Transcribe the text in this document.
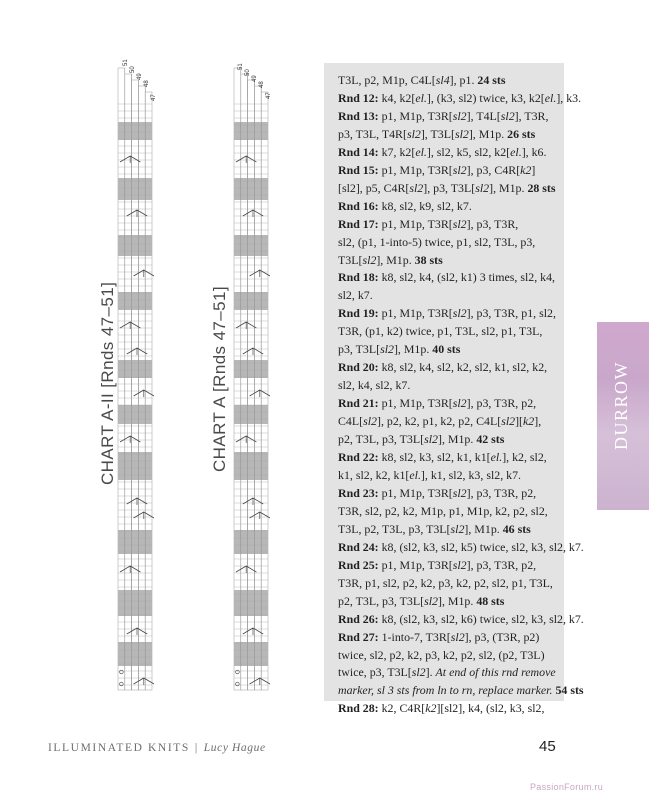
CHART A-II [Rnds 47–51]
51
50
49
48
47
CHART A [Rnds 47–51]
51
50
49
48
47
T3L, p2, M1p, C4L[sl4], p1. 24 sts
Rnd 12: k4, k2[el.], (k3, sl2) twice, k3, k2[el.], k3.
Rnd 13: p1, M1p, T3R[sl2], T4L[sl2], T3R,
p3, T3L, T4R[sl2], T3L[sl2], M1p. 26 sts
Rnd 14: k7, k2[el.], sl2, k5, sl2, k2[el.], k6.
Rnd 15: p1, M1p, T3R[sl2], p3, C4R[k2]
[sl2], p5, C4R[sl2], p3, T3L[sl2], M1p. 28 sts
Rnd 16: k8, sl2, k9, sl2, k7.
Rnd 17: p1, M1p, T3R[sl2], p3, T3R,
sl2, (p1, 1-into-5) twice, p1, sl2, T3L, p3,
T3L[sl2], M1p. 38 sts
Rnd 18: k8, sl2, k4, (sl2, k1) 3 times, sl2, k4,
sl2, k7.
Rnd 19: p1, M1p, T3R[sl2], p3, T3R, p1, sl2,
T3R, (p1, k2) twice, p1, T3L, sl2, p1, T3L,
p3, T3L[sl2], M1p. 40 sts
Rnd 20: k8, sl2, k4, sl2, k2, sl2, k1, sl2, k2,
sl2, k4, sl2, k7.
Rnd 21: p1, M1p, T3R[sl2], p3, T3R, p2,
C4L[sl2], p2, k2, p1, k2, p2, C4L[sl2][k2],
p2, T3L, p3, T3L[sl2], M1p. 42 sts
Rnd 22: k8, sl2, k3, sl2, k1, k1[el.], k2, sl2,
k1, sl2, k2, k1[el.], k1, sl2, k3, sl2, k7.
Rnd 23: p1, M1p, T3R[sl2], p3, T3R, p2,
T3R, sl2, p2, k2, M1p, p1, M1p, k2, p2, sl2,
T3L, p2, T3L, p3, T3L[sl2], M1p. 46 sts
Rnd 24: k8, (sl2, k3, sl2, k5) twice, sl2, k3, sl2, k7.
Rnd 25: p1, M1p, T3R[sl2], p3, T3R, p2,
T3R, p1, sl2, p2, k2, p3, k2, p2, sl2, p1, T3L,
p2, T3L, p3, T3L[sl2], M1p. 48 sts
Rnd 26: k8, (sl2, k3, sl2, k6) twice, sl2, k3, sl2, k7.
Rnd 27: 1-into-7, T3R[sl2], p3, (T3R, p2)
twice, sl2, p2, k2, p3, k2, p2, sl2, (p2, T3L)
twice, p3, T3L[sl2]. At end of this rnd remove
marker, sl 3 sts from ln to rn, replace marker. 54 sts
Rnd 28: k2, C4R[k2][sl2], k4, (sl2, k3, sl2,
DURROW
ILLUMINATED KNITS | Lucy Hague	45
PassionForum.ru
